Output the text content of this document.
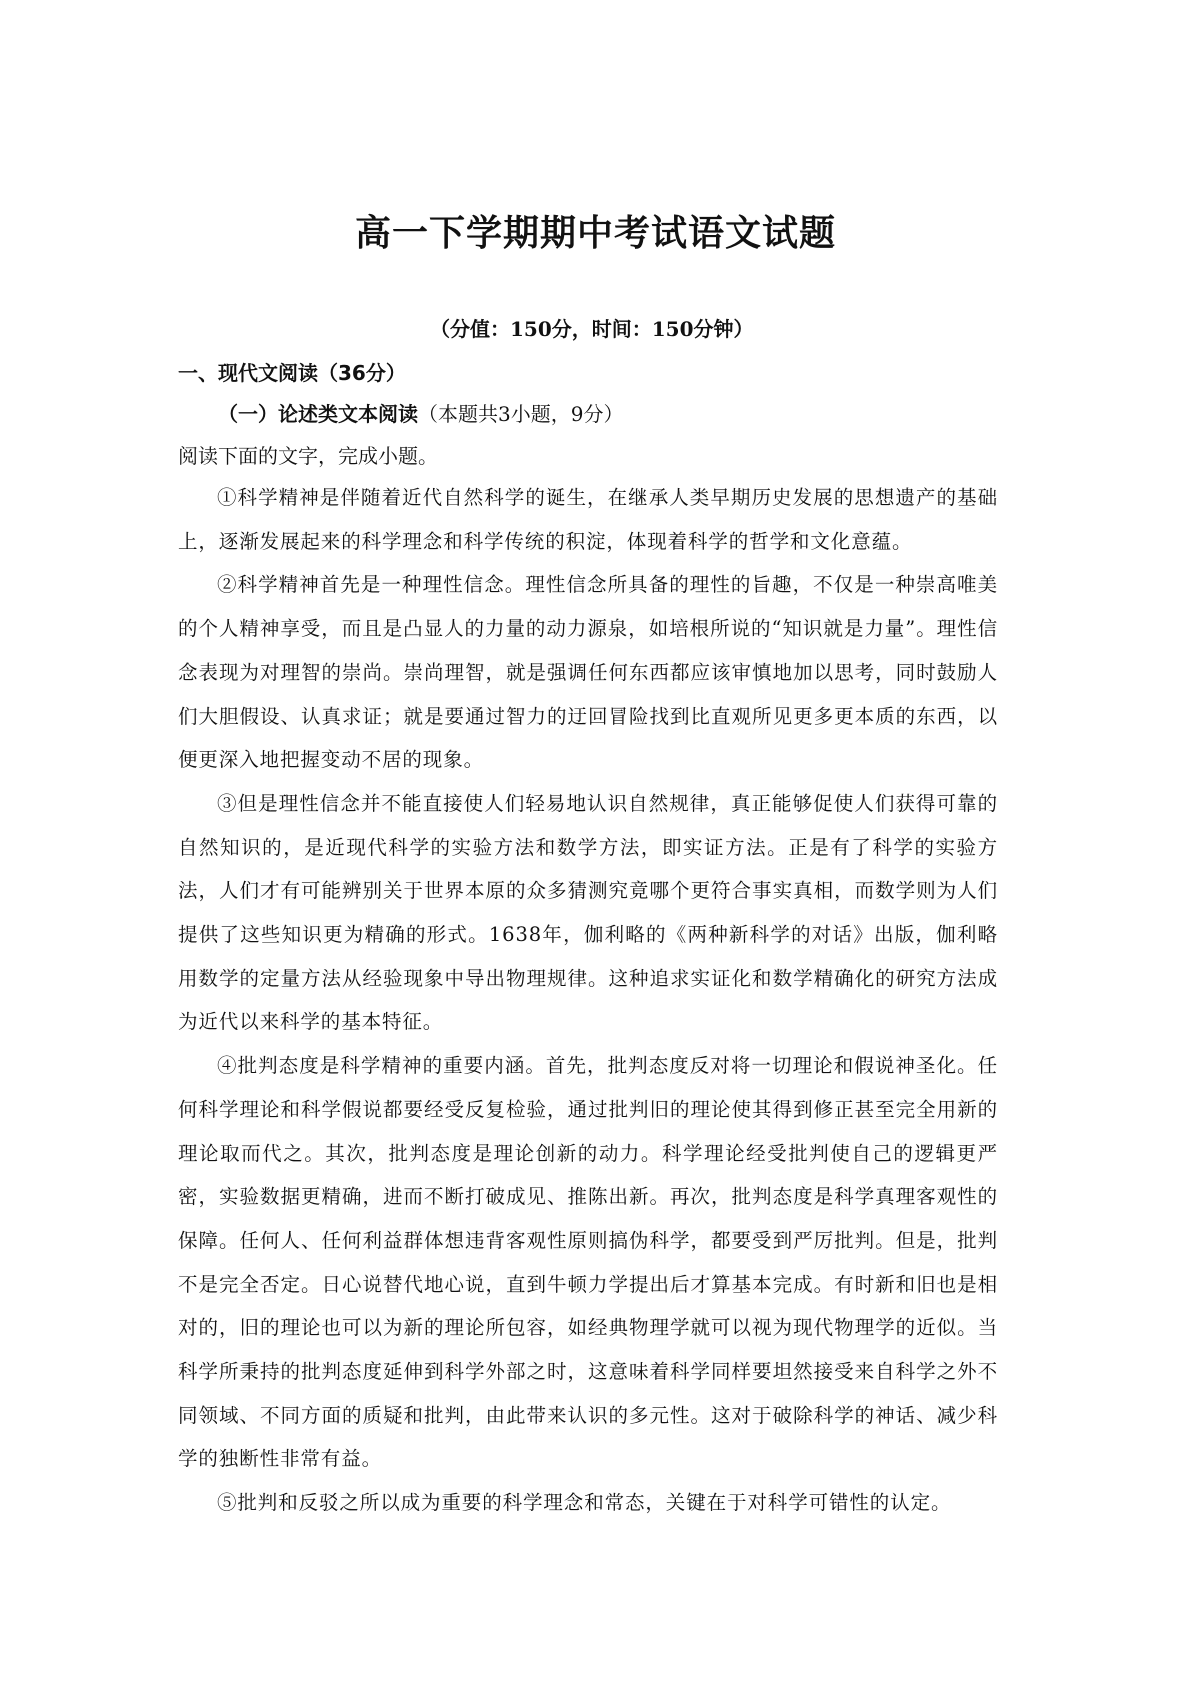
高一下学期期中考试语文试题

（分值：150分，时间：150分钟）

一、现代文阅读（36分）

（一）论述类文本阅读（本题共3小题，9分）

阅读下面的文字，完成小题。

①科学精神是伴随着近代自然科学的诞生，在继承人类早期历史发展的思想遗产的基础上，逐渐发展起来的科学理念和科学传统的积淀，体现着科学的哲学和文化意蕴。

②科学精神首先是一种理性信念。理性信念所具备的理性的旨趣，不仅是一种崇高唯美的个人精神享受，而且是凸显人的力量的动力源泉，如培根所说的“知识就是力量”。理性信念表现为对理智的崇尚。崇尚理智，就是强调任何东西都应该审慎地加以思考，同时鼓励人们大胆假设、认真求证；就是要通过智力的迂回冒险找到比直观所见更多更本质的东西，以便更深入地把握变动不居的现象。

③但是理性信念并不能直接使人们轻易地认识自然规律，真正能够促使人们获得可靠的自然知识的，是近现代科学的实验方法和数学方法，即实证方法。正是有了科学的实验方法，人们才有可能辨别关于世界本原的众多猜测究竟哪个更符合事实真相，而数学则为人们提供了这些知识更为精确的形式。1638年，伽利略的《两种新科学的对话》出版，伽利略用数学的定量方法从经验现象中导出物理规律。这种追求实证化和数学精确化的研究方法成为近代以来科学的基本特征。

④批判态度是科学精神的重要内涵。首先，批判态度反对将一切理论和假说神圣化。任何科学理论和科学假说都要经受反复检验，通过批判旧的理论使其得到修正甚至完全用新的理论取而代之。其次，批判态度是理论创新的动力。科学理论经受批判使自己的逻辑更严密，实验数据更精确，进而不断打破成见、推陈出新。再次，批判态度是科学真理客观性的保障。任何人、任何利益群体想违背客观性原则搞伪科学，都要受到严厉批判。但是，批判不是完全否定。日心说替代地心说，直到牛顿力学提出后才算基本完成。有时新和旧也是相对的，旧的理论也可以为新的理论所包容，如经典物理学就可以视为现代物理学的近似。当科学所秉持的批判态度延伸到科学外部之时，这意味着科学同样要坦然接受来自科学之外不同领域、不同方面的质疑和批判，由此带来认识的多元性。这对于破除科学的神话、减少科学的独断性非常有益。

⑤批判和反驳之所以成为重要的科学理念和常态，关键在于对科学可错性的认定。
